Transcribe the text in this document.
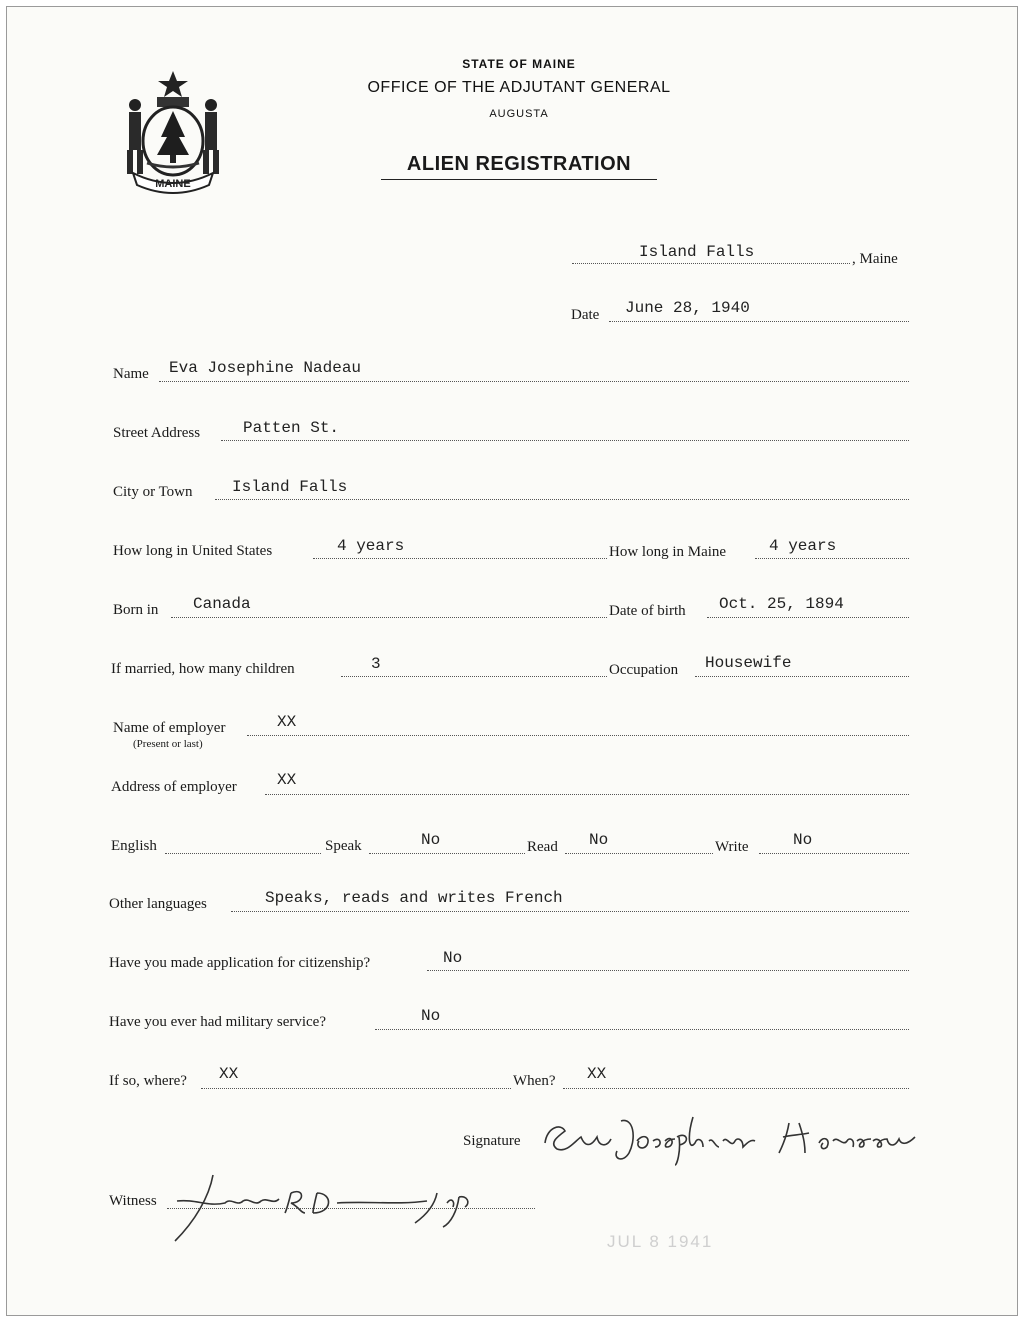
MAINE
STATE OF MAINE
OFFICE OF THE ADJUTANT GENERAL
AUGUSTA
ALIEN REGISTRATION
Island Falls	, Maine
Date June 28, 1940
Name Eva Josephine Nadeau
Street Address	Patten St.
City or Town Island Falls
How long in United States	4 years	How long in Maine	4 years
Born in Canada	Date of birth Oct. 25, 1894
If married, how many children	3	Occupation Housewife
Name of employer
(Present or last)
XX
Address of employer	XX
English	Speak	No	Read No	Write	No
Other languages	Speaks, reads and writes French
Have you made application for citizenship?	No
Have you ever had military service?	No
If so, where? XX	When? XX
Signature
Witness
JUL 8 1941
